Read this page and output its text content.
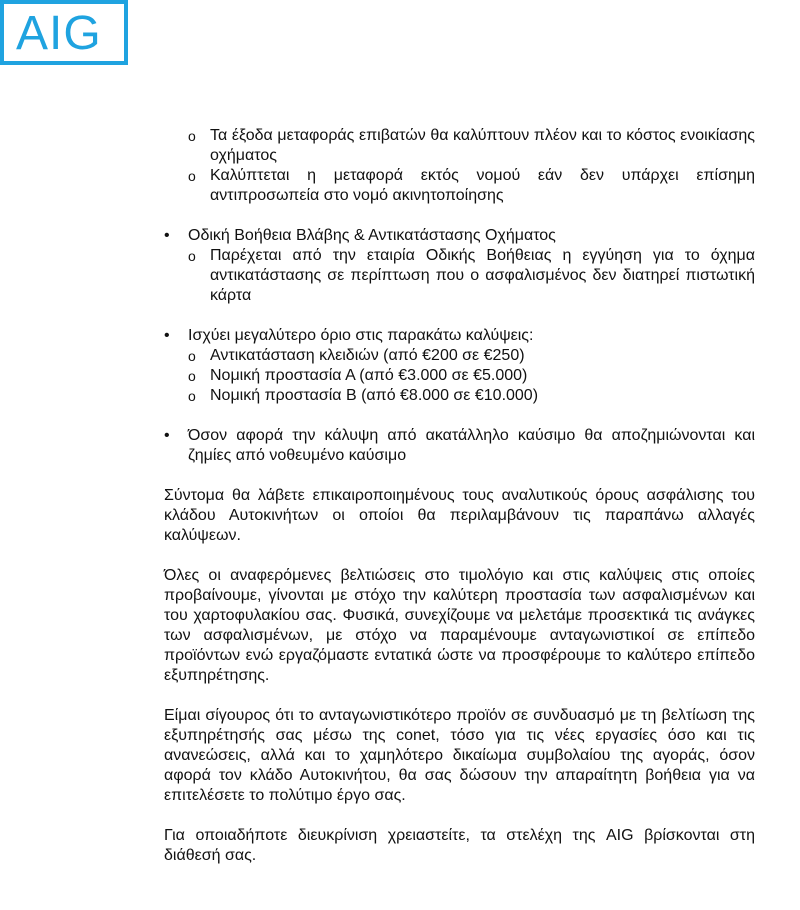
AIG
o Τα έξοδα μεταφοράς επιβατών θα καλύπτουν πλέον και το κόστος ενοικίασης οχήματος
o Καλύπτεται η μεταφορά εκτός νομού εάν δεν υπάρχει επίσημη αντιπροσωπεία στο νομό ακινητοποίησης
• Οδική Βοήθεια Βλάβης & Αντικατάστασης Οχήματος
o Παρέχεται από την εταιρία Οδικής Βοήθειας η εγγύηση για το όχημα αντικατάστασης σε περίπτωση που ο ασφαλισμένος δεν διατηρεί πιστωτική κάρτα
• Ισχύει μεγαλύτερο όριο στις παρακάτω καλύψεις:
o Αντικατάσταση κλειδιών (από €200 σε €250)
o Νομική προστασία Α (από €3.000 σε €5.000)
o Νομική προστασία Β (από €8.000 σε €10.000)
• Όσον αφορά την κάλυψη από ακατάλληλο καύσιμο θα αποζημιώνονται και ζημίες από νοθευμένο καύσιμο
Σύντομα θα λάβετε επικαιροποιημένους τους αναλυτικούς όρους ασφάλισης του κλάδου Αυτοκινήτων οι οποίοι θα περιλαμβάνουν τις παραπάνω αλλαγές καλύψεων.
Όλες οι αναφερόμενες βελτιώσεις στο τιμολόγιο και στις καλύψεις στις οποίες προβαίνουμε, γίνονται με στόχο την καλύτερη προστασία των ασφαλισμένων και του χαρτοφυλακίου σας. Φυσικά, συνεχίζουμε να μελετάμε προσεκτικά τις ανάγκες των ασφαλισμένων, με στόχο να παραμένουμε ανταγωνιστικοί σε επίπεδο προϊόντων ενώ εργαζόμαστε εντατικά ώστε να προσφέρουμε το καλύτερο επίπεδο εξυπηρέτησης.
Είμαι σίγουρος ότι το ανταγωνιστικότερο προϊόν σε συνδυασμό με τη βελτίωση της εξυπηρέτησής σας μέσω της conet, τόσο για τις νέες εργασίες όσο και τις ανανεώσεις, αλλά και το χαμηλότερο δικαίωμα συμβολαίου της αγοράς, όσον αφορά τον κλάδο Αυτοκινήτου, θα σας δώσουν την απαραίτητη βοήθεια για να επιτελέσετε το πολύτιμο έργο σας.
Για οποιαδήποτε διευκρίνιση χρειαστείτε, τα στελέχη της AIG βρίσκονται στη διάθεσή σας.
